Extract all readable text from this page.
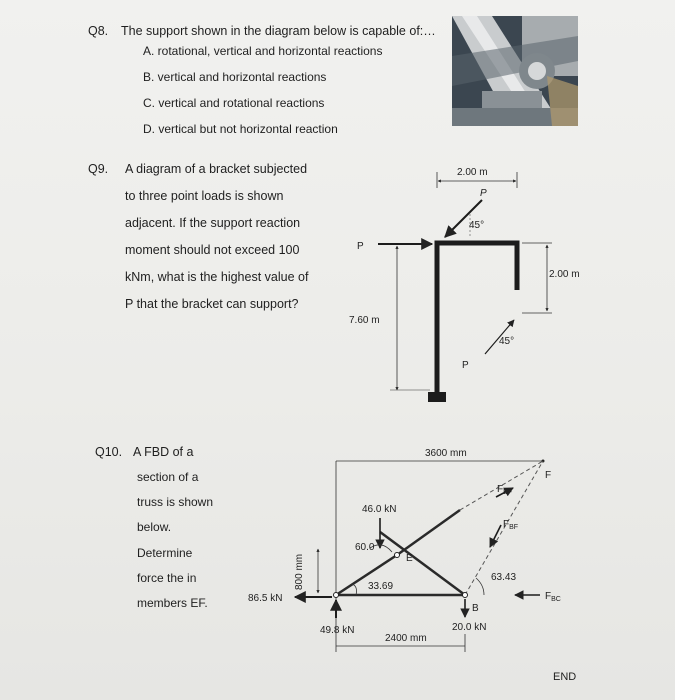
Q8. The support shown in the diagram below is capable of:…
A. rotational, vertical and horizontal reactions
B. vertical and horizontal reactions
C. vertical and rotational reactions
D. vertical but not horizontal reaction
Q9. A diagram of a bracket subjected
to three point loads is shown
adjacent. If the support reaction
moment should not exceed 100
kNm, what is the highest value of
P that the bracket can support?
Q10. A FBD of a
section of a
truss is shown
below.
Determine
force the in
members EF.
END
2.00 m
2.00 m
7.60 m
P
P
45°
45°
P
3600 mm
F
E
B
800 mm
86.5 kN
49.8 kN
46.0 kN
60.0
33.69
63.43
20.0 kN
2400 mm
$F_{EF}$
$F_{BF}$
$F_{BC}$
